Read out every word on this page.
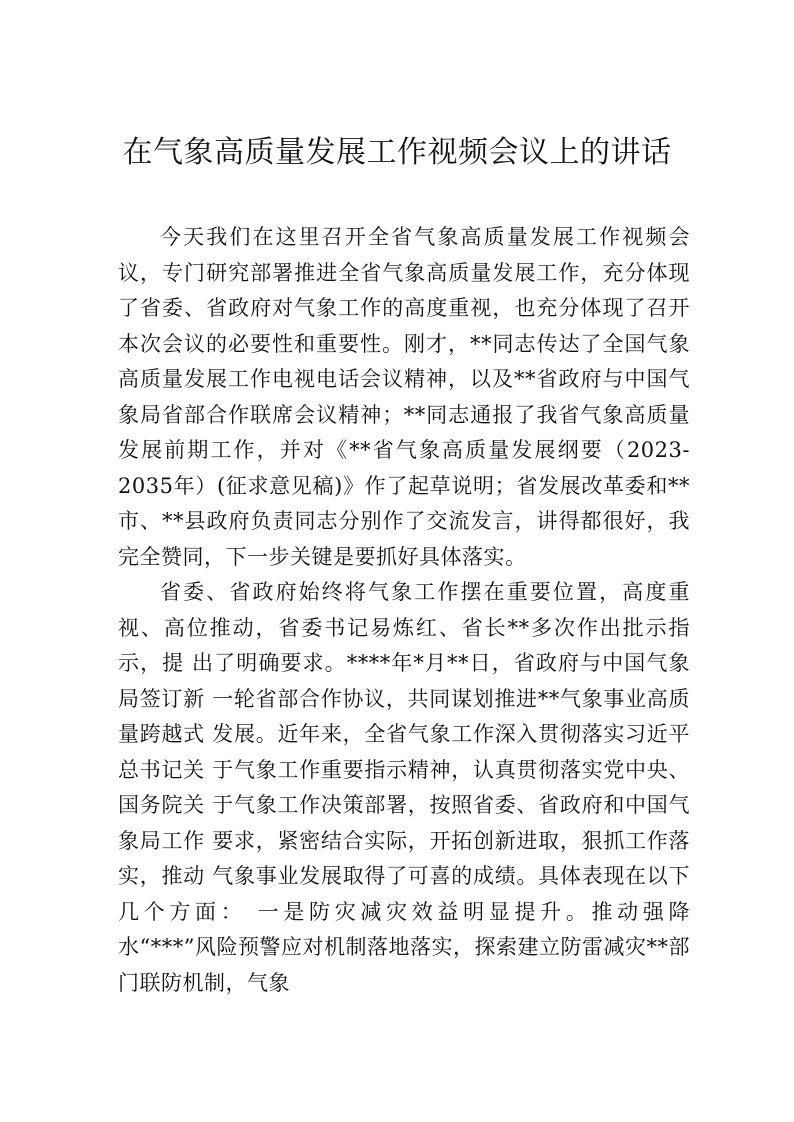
在气象高质量发展工作视频会议上的讲话

今天我们在这里召开全省气象高质量发展工作视频会议，专门研究部署推进全省气象高质量发展工作，充分体现了省委、省政府对气象工作的高度重视，也充分体现了召开本次会议的必要性和重要性。刚才，**同志传达了全国气象高质量发展工作电视电话会议精神，以及**省政府与中国气象局省部合作联席会议精神；**同志通报了我省气象高质量发展前期工作，并对《**省气象高质量发展纲要（2023-2035年）(征求意见稿)》作了起草说明；省发展改革委和**市、**县政府负责同志分别作了交流发言，讲得都很好，我完全赞同，下一步关键是要抓好具体落实。

省委、省政府始终将气象工作摆在重要位置，高度重视、高位推动，省委书记易炼红、省长**多次作出批示指示，提 出了明确要求。****年*月**日，省政府与中国气象局签订新 一轮省部合作协议，共同谋划推进**气象事业高质量跨越式 发展。近年来，全省气象工作深入贯彻落实习近平总书记关 于气象工作重要指示精神，认真贯彻落实党中央、国务院关 于气象工作决策部署，按照省委、省政府和中国气象局工作 要求，紧密结合实际，开拓创新进取，狠抓工作落实，推动 气象事业发展取得了可喜的成绩。具体表现在以下几个方面： 一是防灾减灾效益明显提升。推动强降水“***”风险预警应对机制落地落实，探索建立防雷减灾**部门联防机制，气象
